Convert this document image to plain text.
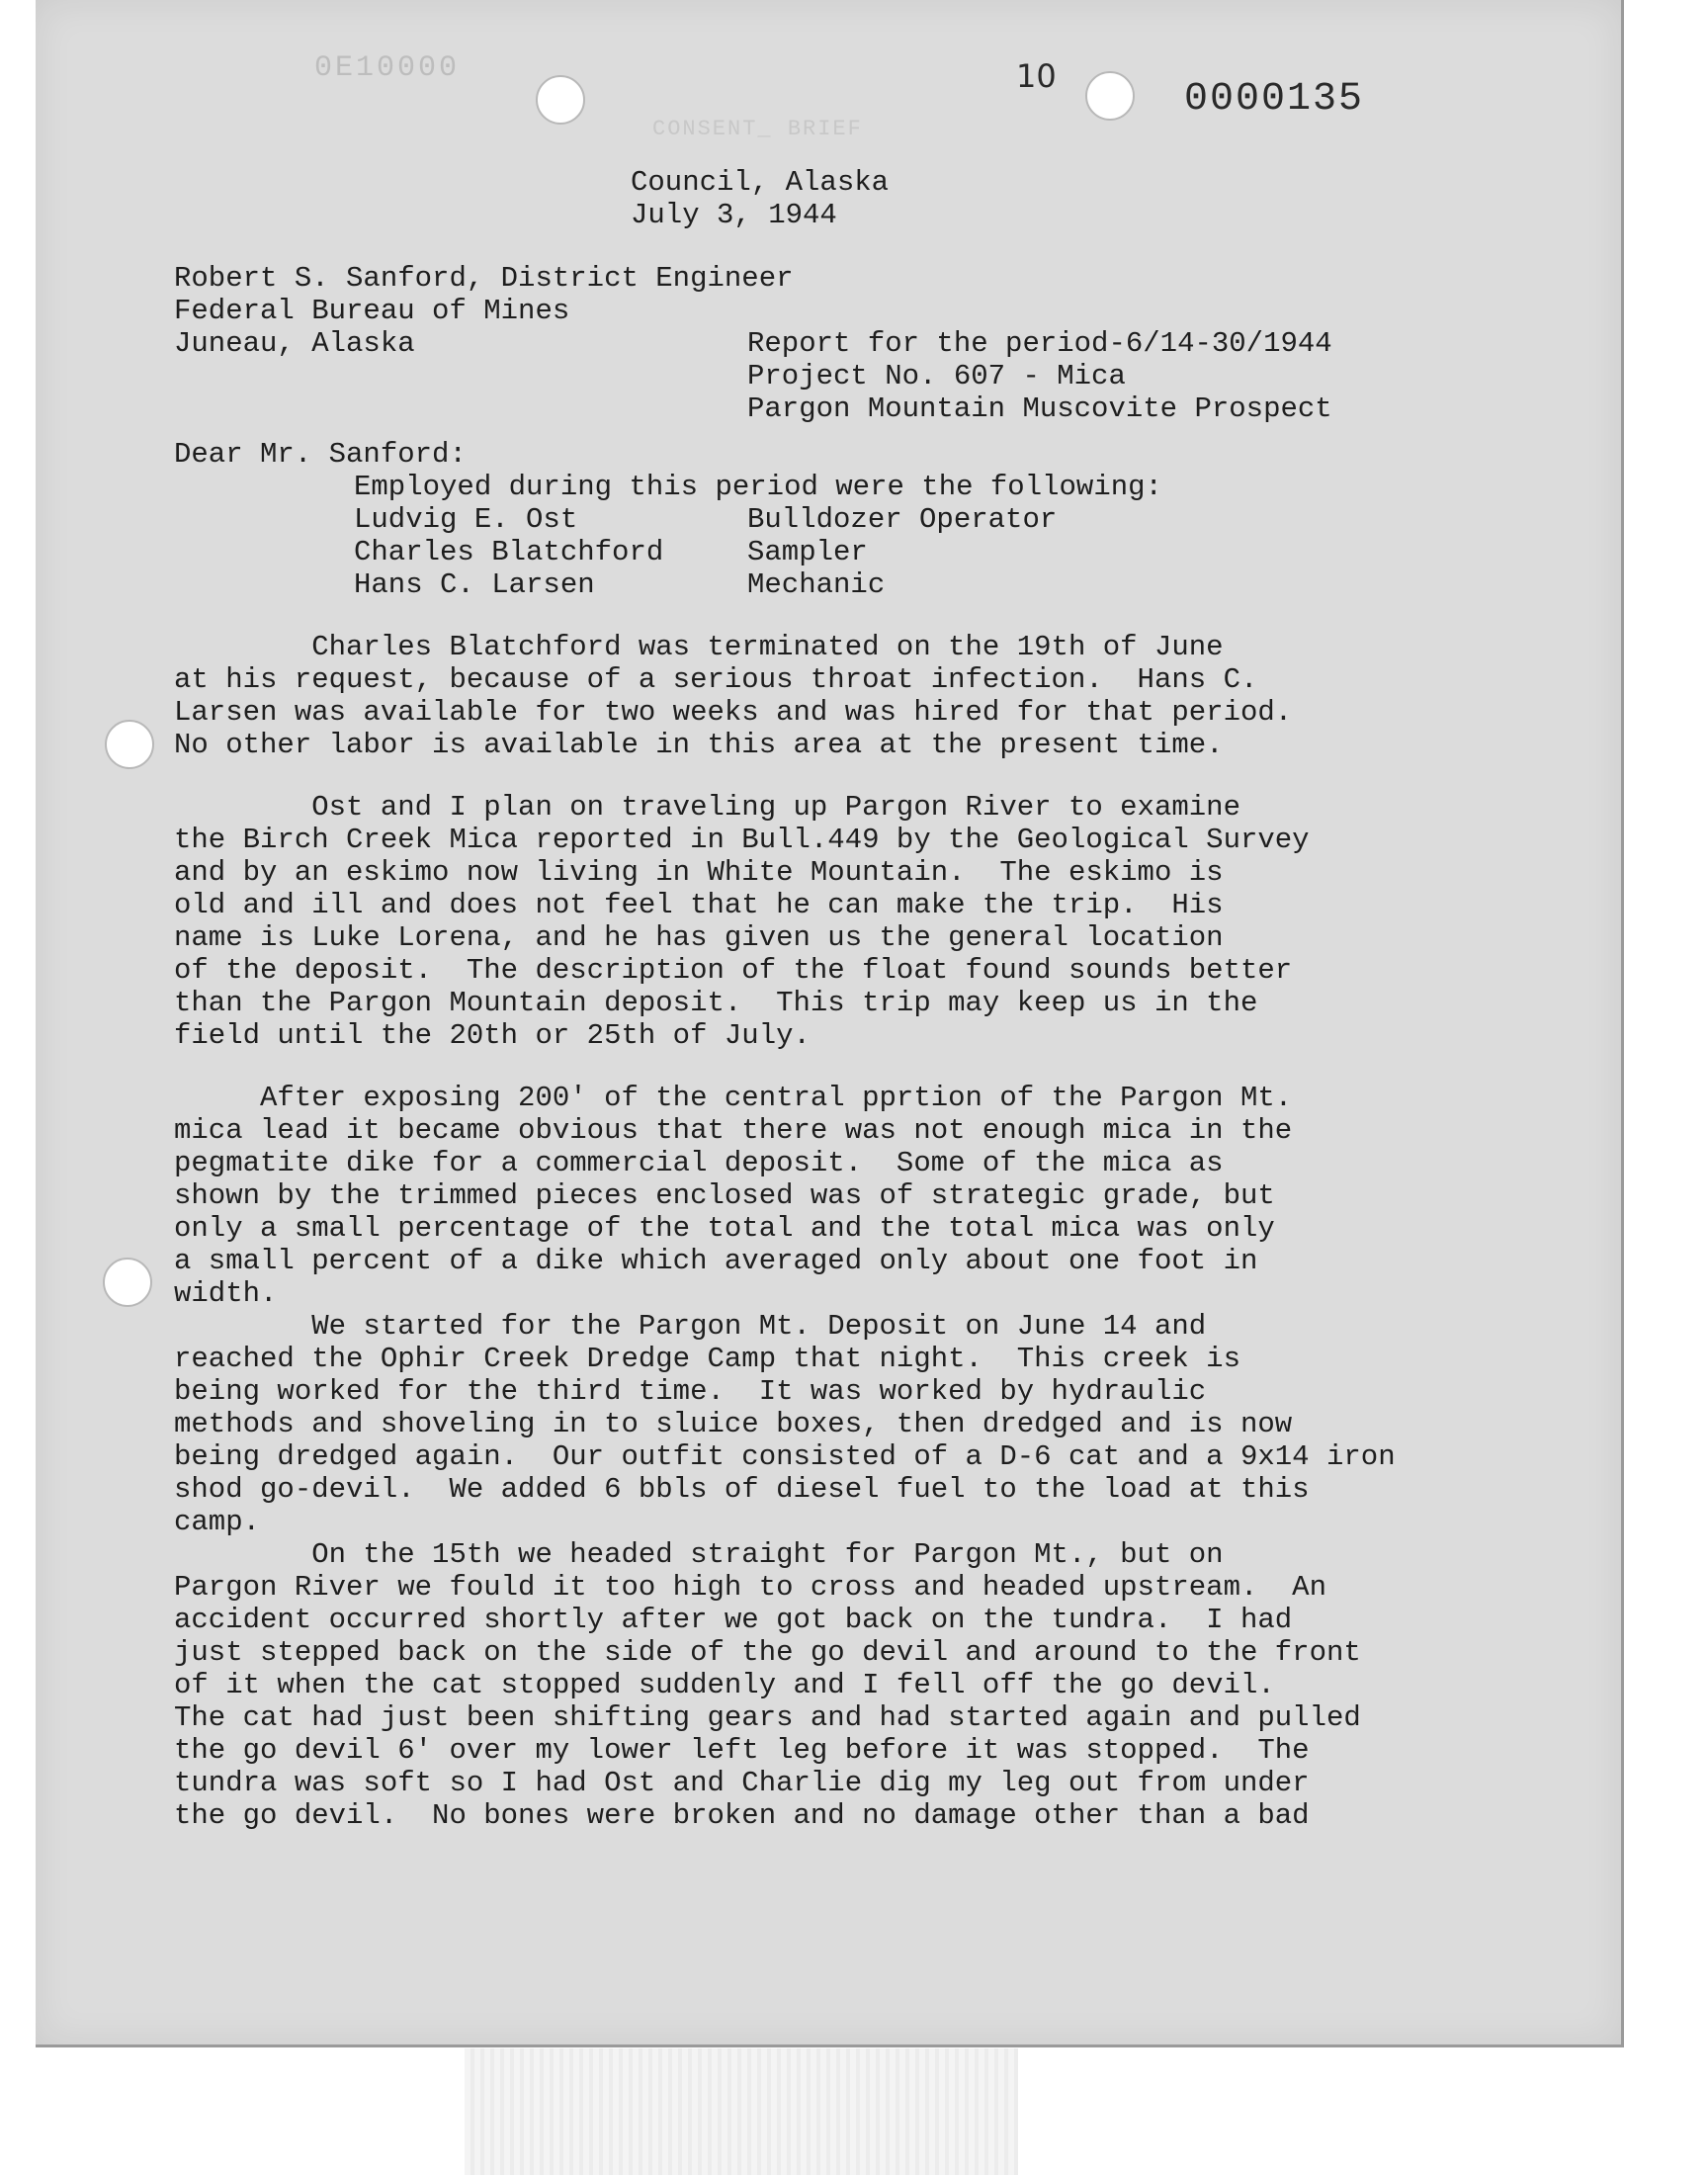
0E10000
CONSENT_ BRIEF
10
0000135
Council, Alaska
July 3, 1944
Robert S. Sanford, District Engineer
Federal Bureau of Mines
Juneau, Alaska	Report for the period-6/14-30/1944
Project No. 607 - Mica
Pargon Mountain Muscovite Prospect
Dear Mr. Sanford:
Employed during this period were the following:
Ludvig E. Ost	Bulldozer Operator
Charles Blatchford	Sampler
Hans C. Larsen	Mechanic
Charles Blatchford was terminated on the 19th of June
at his request, because of a serious throat infection.  Hans C.
Larsen was available for two weeks and was hired for that period.
No other labor is available in this area at the present time.
Ost and I plan on traveling up Pargon River to examine
the Birch Creek Mica reported in Bull.449 by the Geological Survey
and by an eskimo now living in White Mountain.  The eskimo is
old and ill and does not feel that he can make the trip.  His
name is Luke Lorena, and he has given us the general location
of the deposit.  The description of the float found sounds better
than the Pargon Mountain deposit.  This trip may keep us in the
field until the 20th or 25th of July.
After exposing 200' of the central pprtion of the Pargon Mt.
mica lead it became obvious that there was not enough mica in the
pegmatite dike for a commercial deposit.  Some of the mica as
shown by the trimmed pieces enclosed was of strategic grade, but
only a small percentage of the total and the total mica was only
a small percent of a dike which averaged only about one foot in
width.
We started for the Pargon Mt. Deposit on June 14 and
reached the Ophir Creek Dredge Camp that night.  This creek is
being worked for the third time.  It was worked by hydraulic
methods and shoveling in to sluice boxes, then dredged and is now
being dredged again.  Our outfit consisted of a D-6 cat and a 9x14 iron
shod go-devil.  We added 6 bbls of diesel fuel to the load at this
camp.
On the 15th we headed straight for Pargon Mt., but on
Pargon River we fould it too high to cross and headed upstream.  An
accident occurred shortly after we got back on the tundra.  I had
just stepped back on the side of the go devil and around to the front
of it when the cat stopped suddenly and I fell off the go devil.
The cat had just been shifting gears and had started again and pulled
the go devil 6' over my lower left leg before it was stopped.  The
tundra was soft so I had Ost and Charlie dig my leg out from under
the go devil.  No bones were broken and no damage other than a bad
